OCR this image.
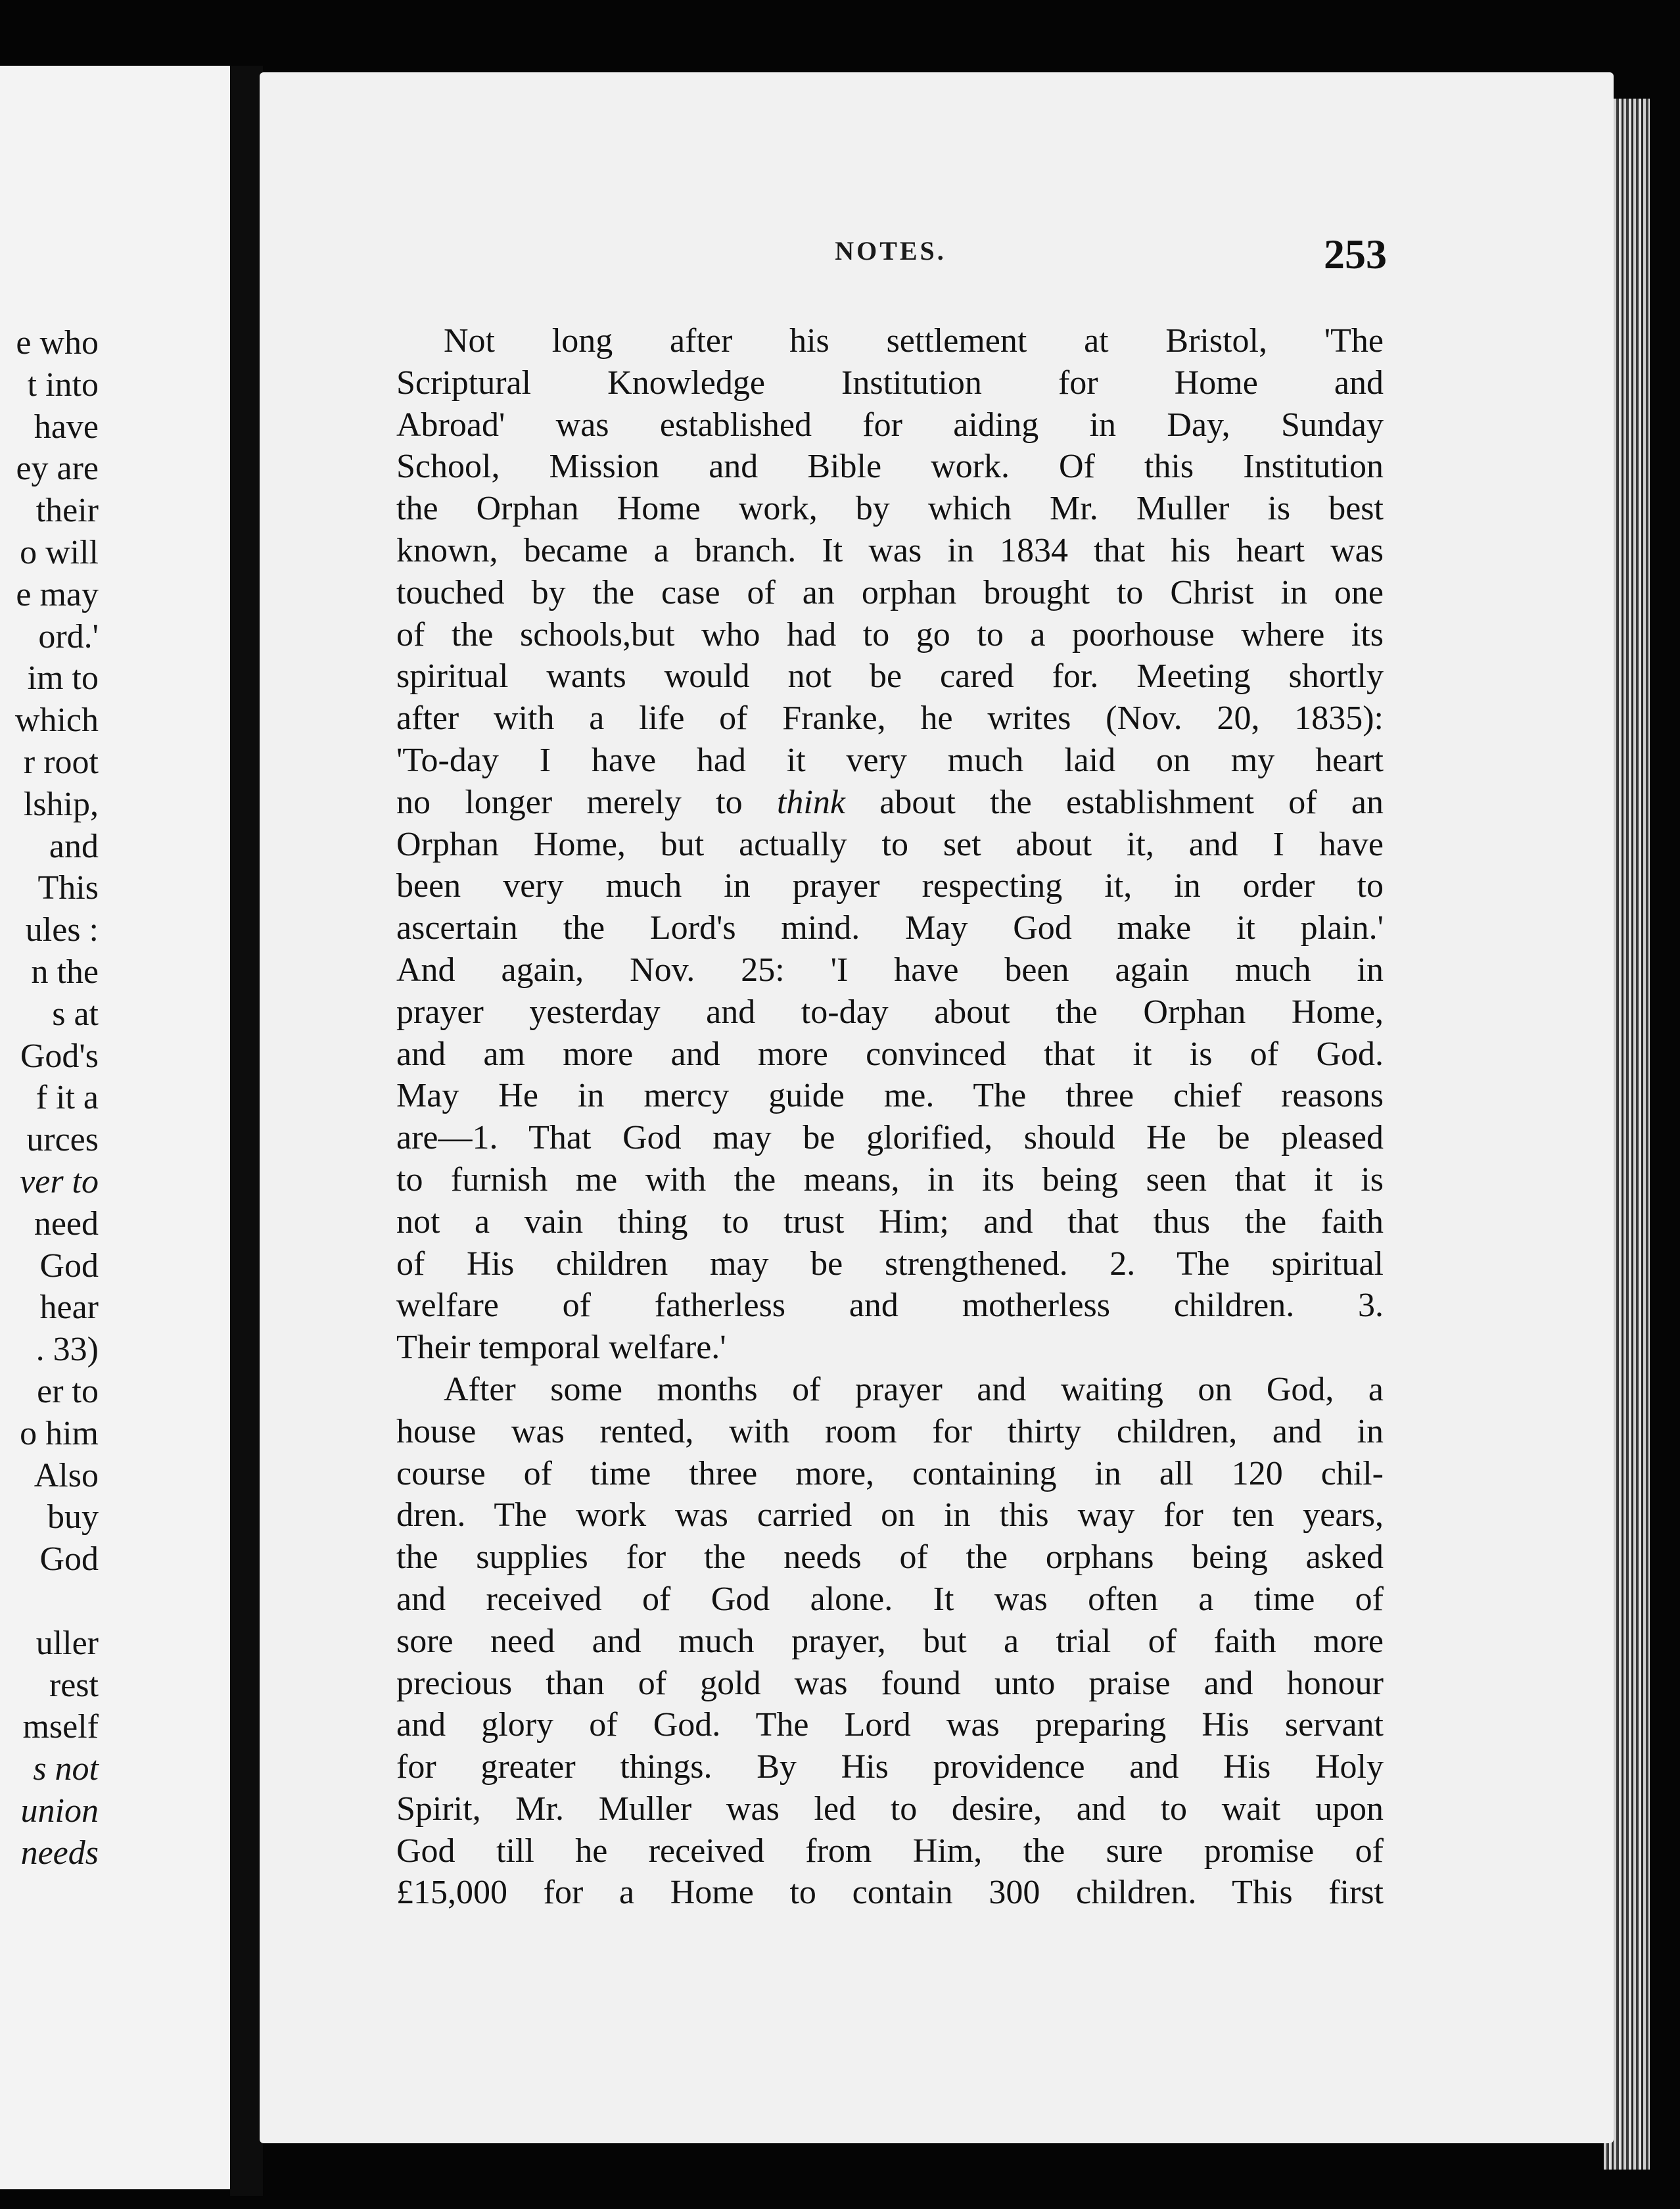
e who
t into
have
ey are
their
o will
e may
ord.'
im to
which
r root
lship,
and
This
ules :
n the
s at
God's
f it a
urces
ver to
need
God
hear
. 33)
er to
o him
Also
buy
God
uller
rest
mself
s not
union
needs
NOTES.	253
Not long after his settlement at Bristol, 'The
Scriptural Knowledge Institution for Home and
Abroad' was established for aiding in Day, Sunday
School, Mission and Bible work. Of this Institution
the Orphan Home work, by which Mr. Muller is best
known, became a branch. It was in 1834 that his heart was
touched by the case of an orphan brought to Christ in one
of the schools,but who had to go to a poorhouse where its
spiritual wants would not be cared for. Meeting shortly
after with a life of Franke, he writes (Nov. 20, 1835):
'To-day I have had it very much laid on my heart
no longer merely to think about the establishment of an
Orphan Home, but actually to set about it, and I have
been very much in prayer respecting it, in order to
ascertain the Lord's mind. May God make it plain.'
And again, Nov. 25: 'I have been again much in
prayer yesterday and to-day about the Orphan Home,
and am more and more convinced that it is of God.
May He in mercy guide me. The three chief reasons
are—1. That God may be glorified, should He be pleased
to furnish me with the means, in its being seen that it is
not a vain thing to trust Him; and that thus the faith
of His children may be strengthened. 2. The spiritual
welfare of fatherless and motherless children. 3.
Their temporal welfare.'
After some months of prayer and waiting on God, a
house was rented, with room for thirty children, and in
course of time three more, containing in all 120 chil-
dren. The work was carried on in this way for ten years,
the supplies for the needs of the orphans being asked
and received of God alone. It was often a time of
sore need and much prayer, but a trial of faith more
precious than of gold was found unto praise and honour
and glory of God. The Lord was preparing His servant
for greater things. By His providence and His Holy
Spirit, Mr. Muller was led to desire, and to wait upon
God till he received from Him, the sure promise of
£15,000 for a Home to contain 300 children. This first
